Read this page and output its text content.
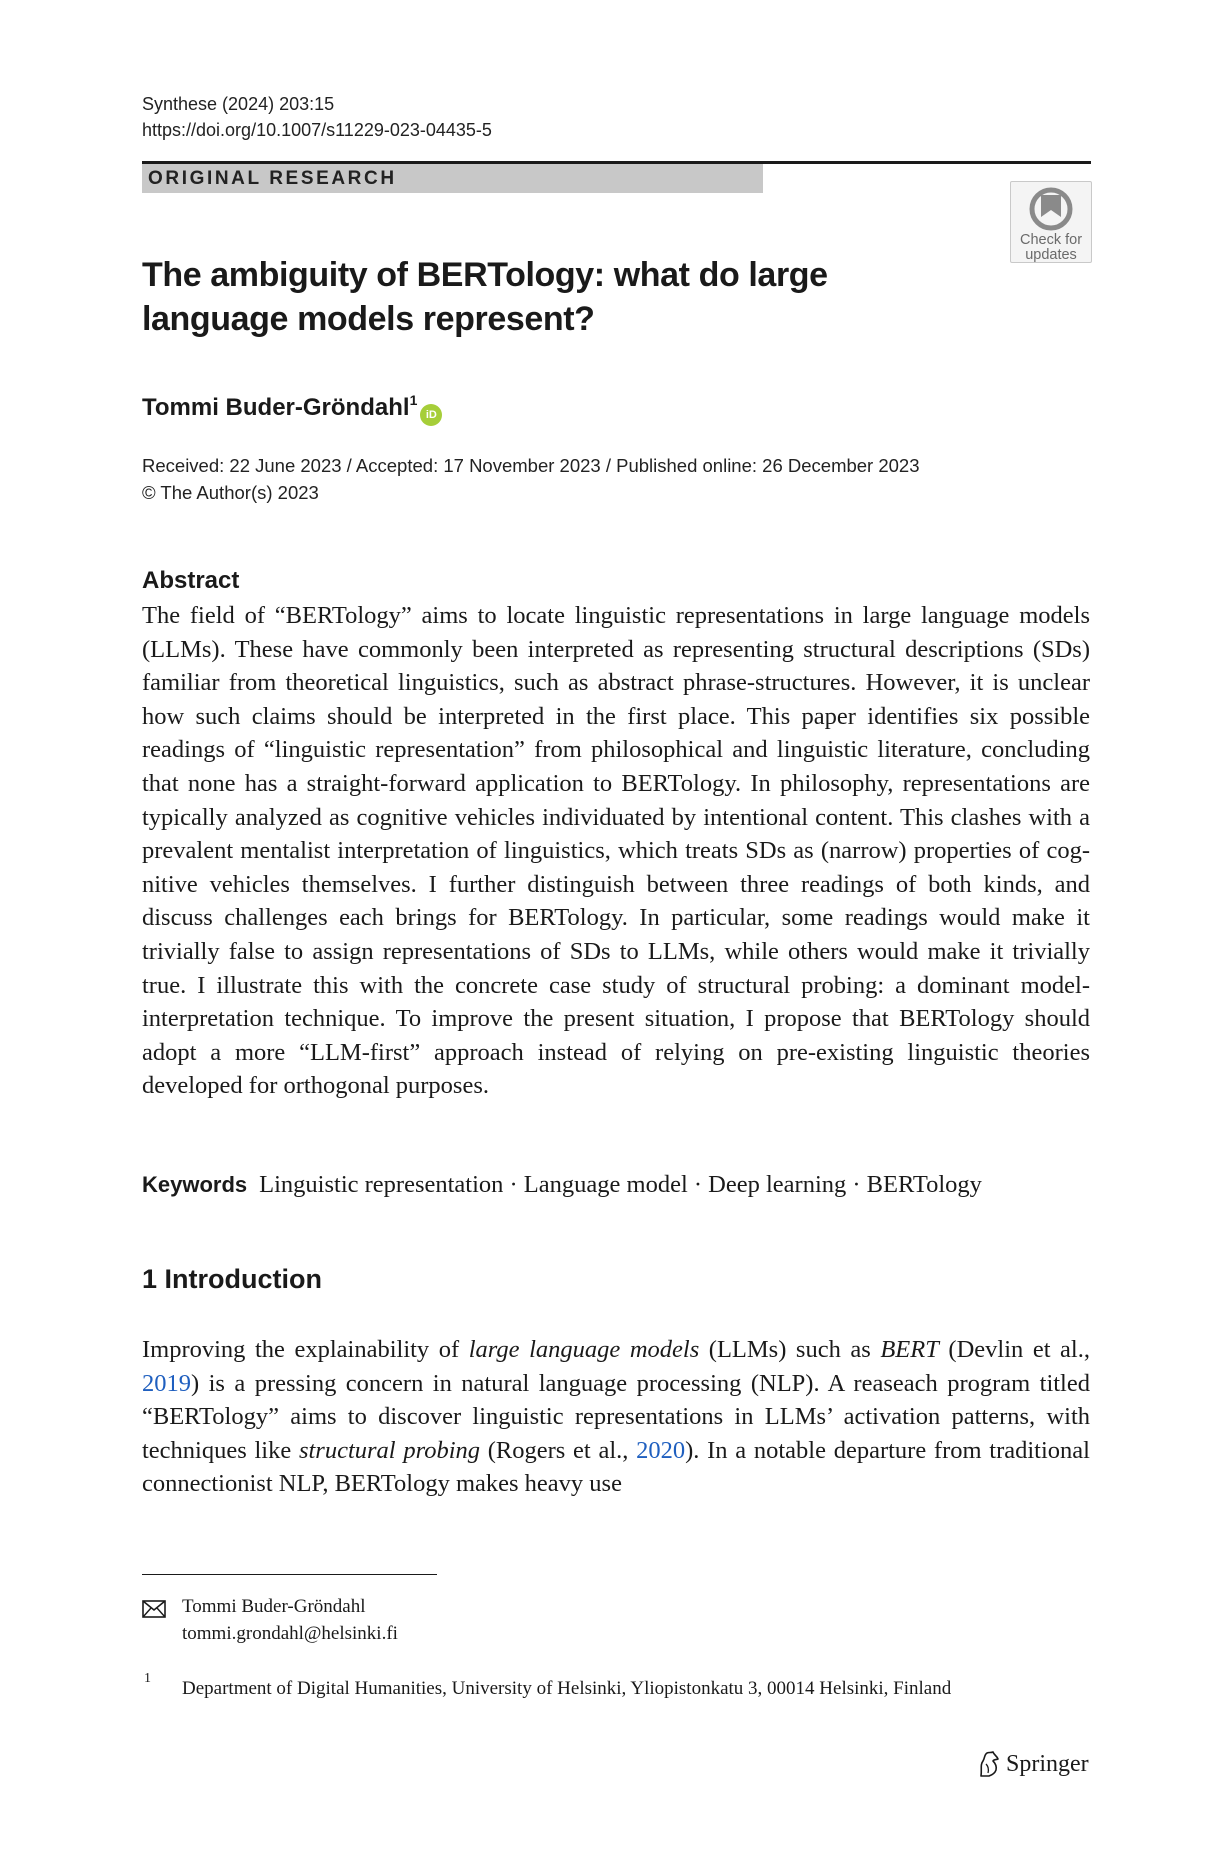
Synthese (2024) 203:15
https://doi.org/10.1007/s11229-023-04435-5
ORIGINAL RESEARCH
Check for updates
The ambiguity of BERTology: what do large language models represent?
Tommi Buder-Gröndahl$^1$iD
Received: 22 June 2023 / Accepted: 17 November 2023 / Published online: 26 December 2023
© The Author(s) 2023
Abstract
The field of “BERTology” aims to locate linguistic representations in large language models (LLMs). These have commonly been interpreted as representing structural descriptions (SDs) familiar from theoretical linguistics, such as abstract phrase-structures. However, it is unclear how such claims should be interpreted in the first place. This paper identifies six possible readings of “linguistic representation” from philosophical and linguistic literature, concluding that none has a straight-forward application to BERTology. In philosophy, representations are typically analyzed as cognitive vehicles individuated by intentional content. This clashes with a prevalent mentalist interpretation of linguistics, which treats SDs as (narrow) properties of cognitive vehicles themselves. I further distinguish between three readings of both kinds, and discuss challenges each brings for BERTology. In particular, some readings would make it trivially false to assign representations of SDs to LLMs, while others would make it trivially true. I illustrate this with the concrete case study of structural probing: a dominant model-interpretation technique. To improve the present situation, I propose that BERTology should adopt a more “LLM-first” approach instead of relying on pre-existing linguistic theories developed for orthogonal purposes.
Keywords Linguistic representation · Language model · Deep learning · BERTology
1 Introduction
Improving the explainability of large language models (LLMs) such as BERT (Devlin et al., 2019) is a pressing concern in natural language processing (NLP). A reaseach program titled “BERTology” aims to discover linguistic representations in LLMs’ activation patterns, with techniques like structural probing (Rogers et al., 2020). In a notable departure from traditional connectionist NLP, BERTology makes heavy use
Tommi Buder-Gröndahl
tommi.grondahl@helsinki.fi
1 Department of Digital Humanities, University of Helsinki, Yliopistonkatu 3, 00014 Helsinki, Finland
Springer
